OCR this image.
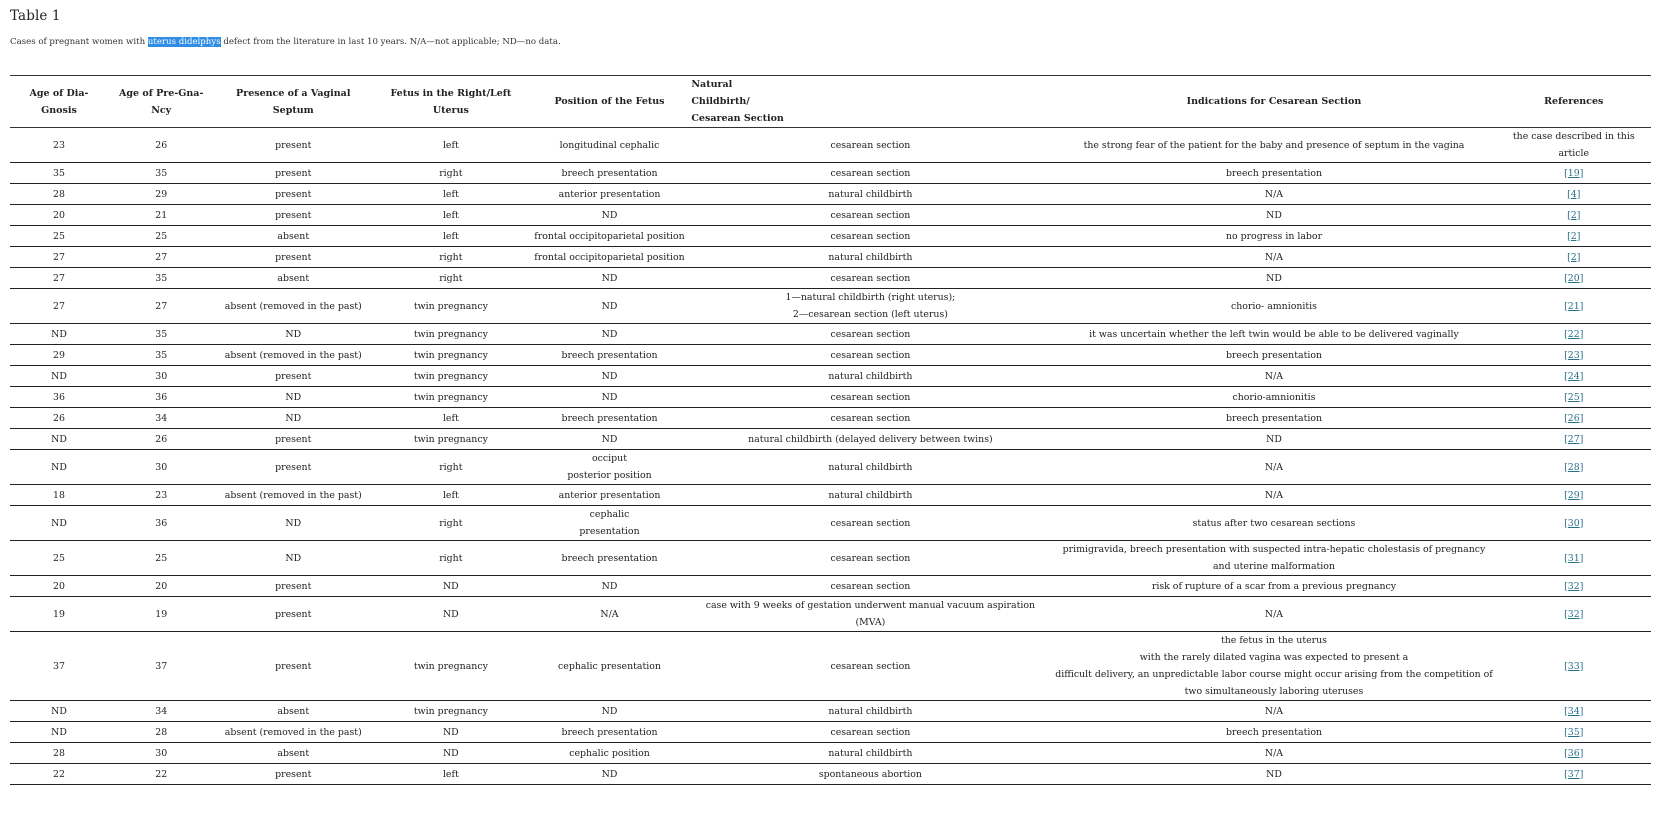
Table 1
Cases of pregnant women with uterus didelphys defect from the literature in last 10 years. N/A—not applicable; ND—no data.
Age of Dia-Gnosis	Age of Pre-Gna-Ncy	Presence of a Vaginal Septum	Fetus in the Right/Left Uterus	Position of the Fetus	Natural Childbirth/ Cesarean Section	Indications for Cesarean Section	References
23	26	present	left	longitudinal cephalic	cesarean section	the strong fear of the patient for the baby and presence of septum in the vagina	the case described in this article
35	35	present	right	breech presentation	cesarean section	breech presentation	[19]
28	29	present	left	anterior presentation	natural childbirth	N/A	[4]
20	21	present	left	ND	cesarean section	ND	[2]
25	25	absent	left	frontal occipitoparietal position	cesarean section	no progress in labor	[2]
27	27	present	right	frontal occipitoparietal position	natural childbirth	N/A	[2]
27	35	absent	right	ND	cesarean section	ND	[20]
27	27	absent (removed in the past)	twin pregnancy	ND	1—natural childbirth (right uterus);
2—cesarean section (left uterus)	chorio- amnionitis	[21]
ND	35	ND	twin pregnancy	ND	cesarean section	it was uncertain whether the left twin would be able to be delivered vaginally	[22]
29	35	absent (removed in the past)	twin pregnancy	breech presentation	cesarean section	breech presentation	[23]
ND	30	present	twin pregnancy	ND	natural childbirth	N/A	[24]
36	36	ND	twin pregnancy	ND	cesarean section	chorio-amnionitis	[25]
26	34	ND	left	breech presentation	cesarean section	breech presentation	[26]
ND	26	present	twin pregnancy	ND	natural childbirth (delayed delivery between twins)	ND	[27]
ND	30	present	right	occiput
posterior position	natural childbirth	N/A	[28]
18	23	absent (removed in the past)	left	anterior presentation	natural childbirth	N/A	[29]
ND	36	ND	right	cephalic
presentation	cesarean section	status after two cesarean sections	[30]
25	25	ND	right	breech presentation	cesarean section	primigravida, breech presentation with suspected intra-hepatic cholestasis of pregnancy
and uterine malformation	[31]
20	20	present	ND	ND	cesarean section	risk of rupture of a scar from a previous pregnancy	[32]
19	19	present	ND	N/A	case with 9 weeks of gestation underwent manual vacuum aspiration (MVA)	N/A	[32]
37	37	present	twin pregnancy	cephalic presentation	cesarean section	the fetus in the uterus
with the rarely dilated vagina was expected to present a
difficult delivery, an unpredictable labor course might occur arising from the competition of
two simultaneously laboring uteruses	[33]
ND	34	absent	twin pregnancy	ND	natural childbirth	N/A	[34]
ND	28	absent (removed in the past)	ND	breech presentation	cesarean section	breech presentation	[35]
28	30	absent	ND	cephalic position	natural childbirth	N/A	[36]
22	22	present	left	ND	spontaneous abortion	ND	[37]
